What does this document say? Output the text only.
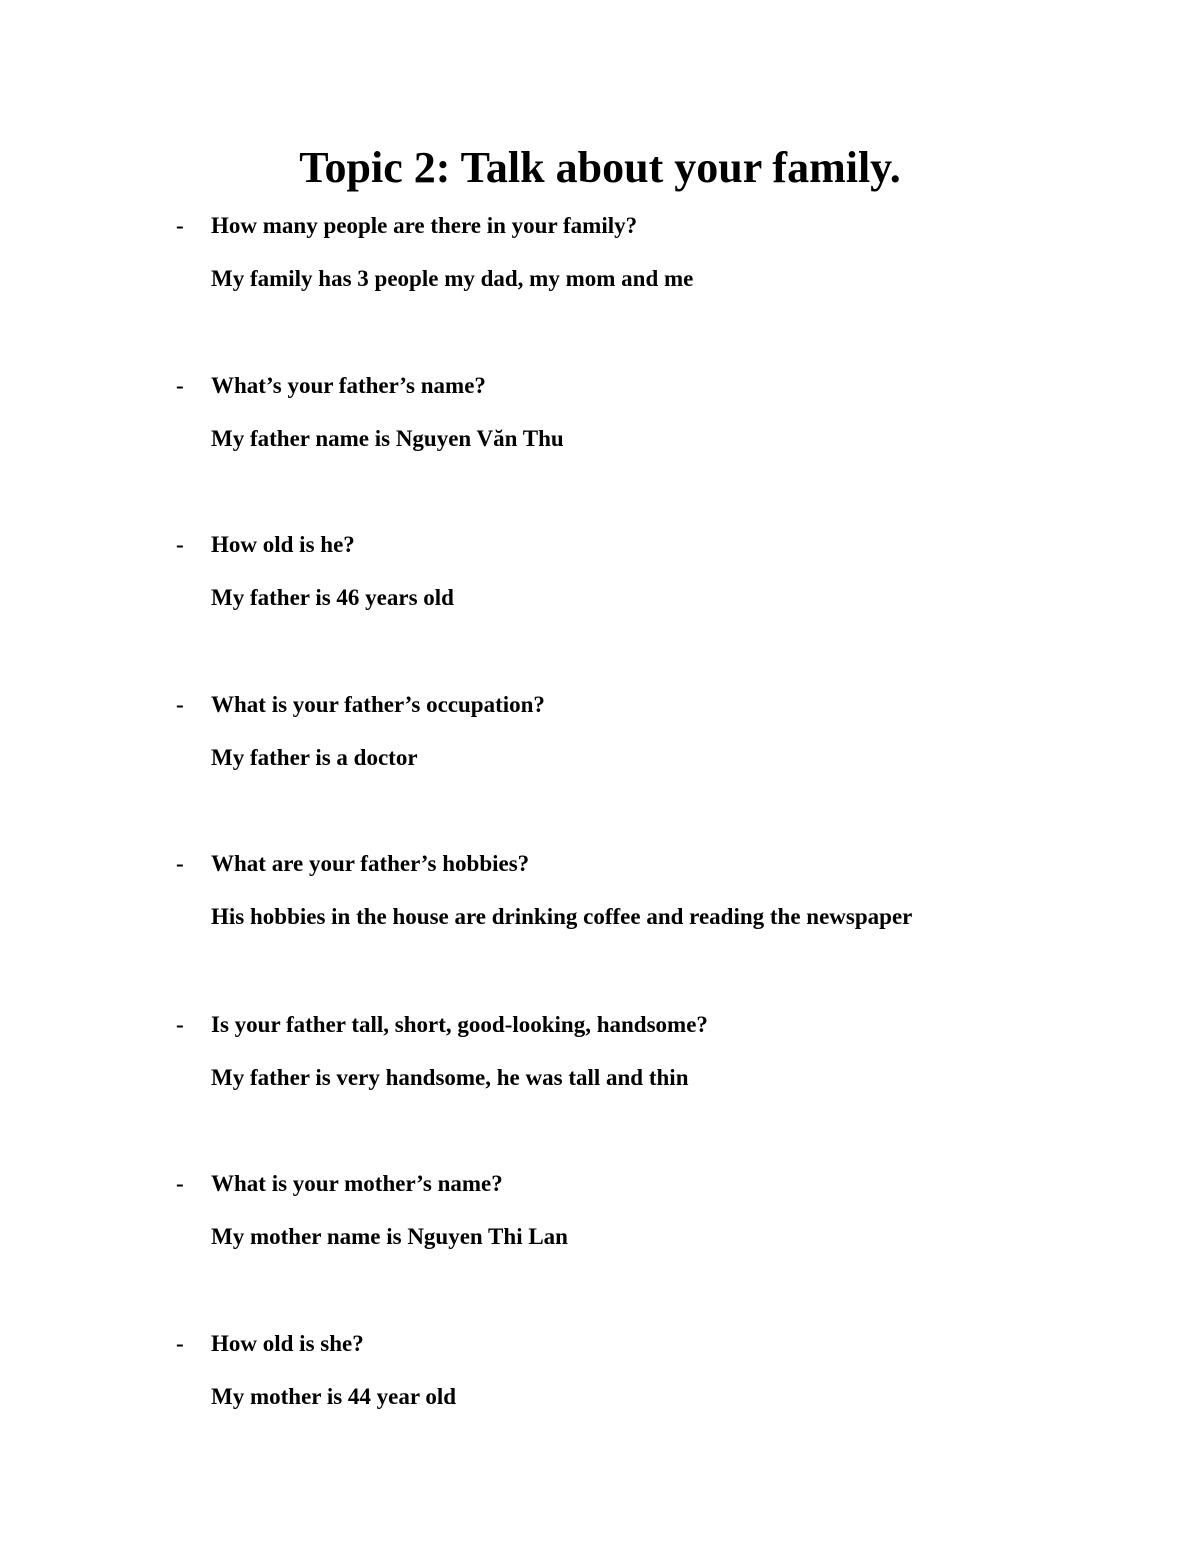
Topic 2: Talk about your family.
- How many people are there in your family?
My family has 3 people my dad, my mom and me
- What’s your father’s name?
My father name is Nguyen Văn Thu
- How old is he?
My father is 46 years old
- What is your father’s occupation?
My father is a doctor
- What are your father’s hobbies?
His hobbies in the house are drinking coffee and reading the newspaper
- Is your father tall, short, good-looking, handsome?
My father is very handsome, he was tall and thin
- What is your mother’s name?
My mother name is Nguyen Thi Lan
- How old is she?
My mother is 44 year old
